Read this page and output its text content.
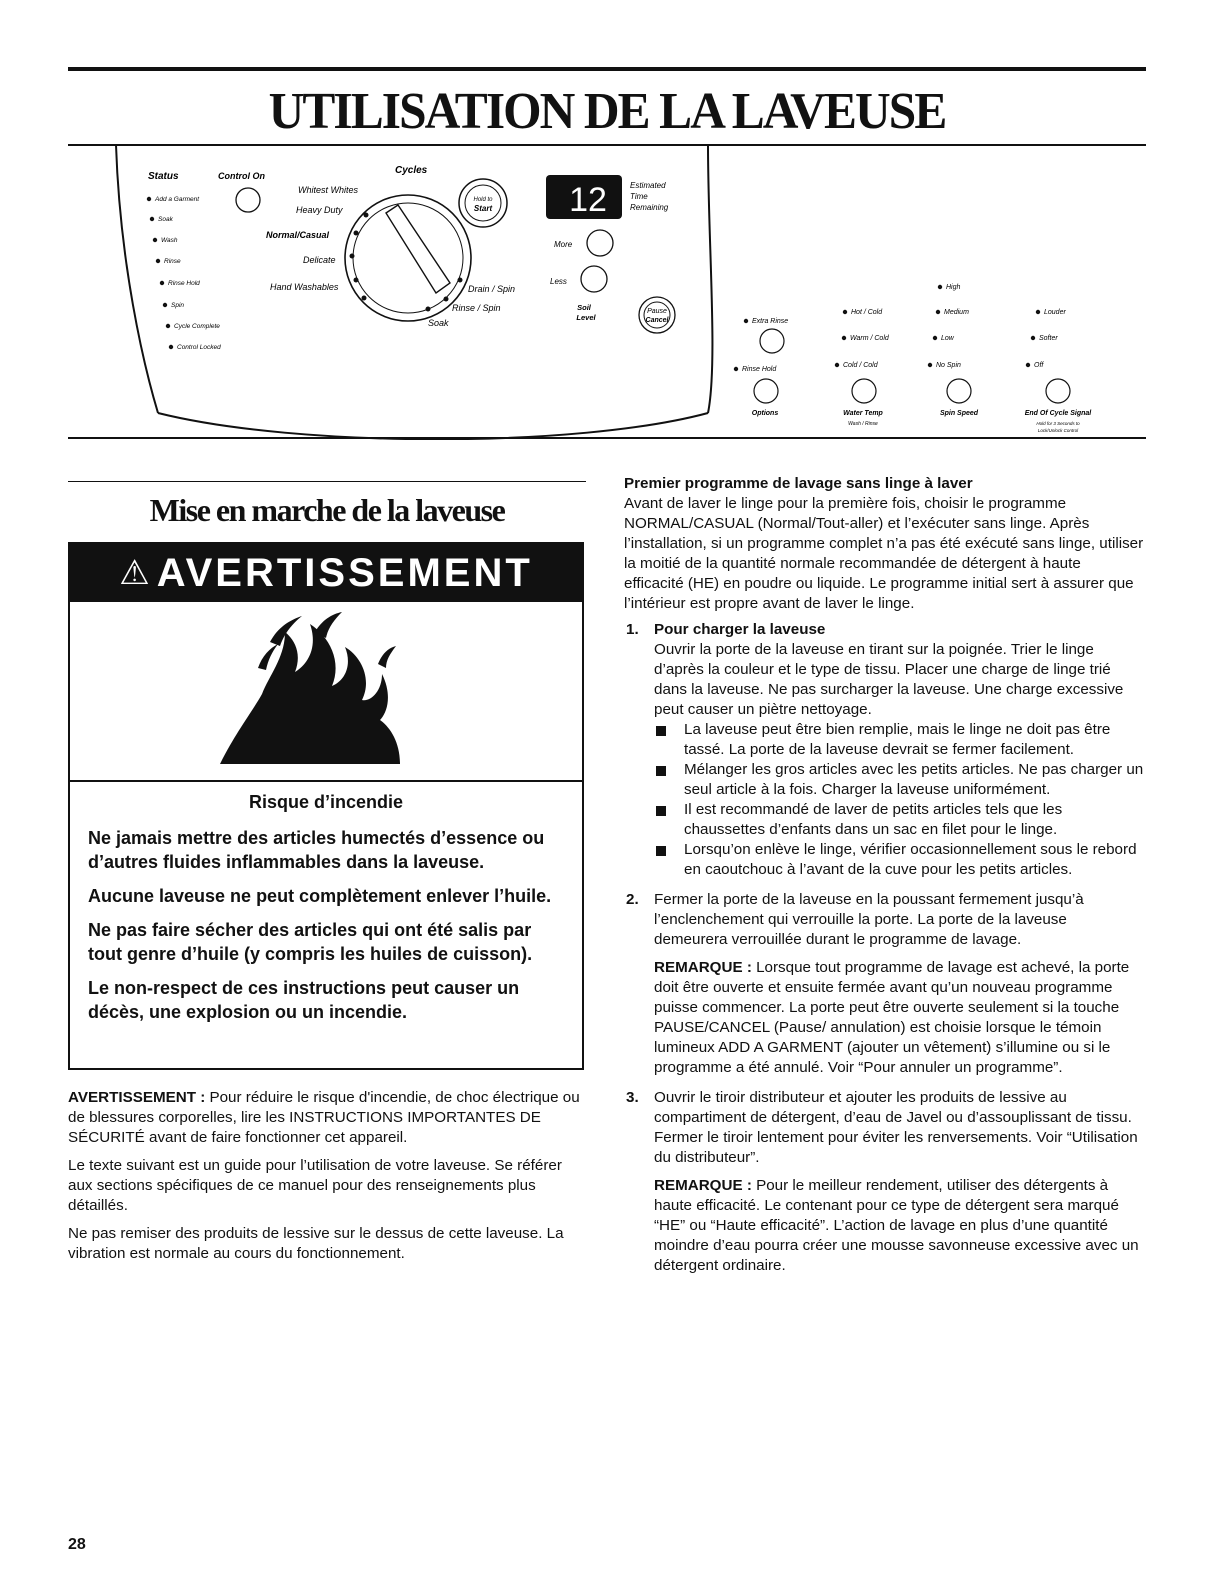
UTILISATION DE LA LAVEUSE
Status	Control On
Add a Garment
Soak
Wash
Rinse
Rinse Hold
Spin
Cycle Complete
Control Locked
Cycles
Whitest Whites
Heavy Duty
Normal/Casual
Delicate
Hand Washables	Drain / Spin
Rinse / Spin
Soak
Hold to
Start 12	Estimated
Time
Remaining
More
Less
Soil
Level
Pause
Cancel	Extra Rinse
Rinse Hold
Options
Hot / Cold
Warm / Cold
Cold / Cold
Water Temp
Wash / Rinse
High
Medium
Low
No Spin
Spin Speed
Louder
Softer
Off
End Of Cycle Signal
Hold for 3 Seconds to
Lock/Unlock Control
Mise en marche de la laveuse
⚠ AVERTISSEMENT

Risque d’incendie

Ne jamais mettre des articles humectés d’essence ou d’autres fluides inflammables dans la laveuse.

Aucune laveuse ne peut complètement enlever l’huile.

Ne pas faire sécher des articles qui ont été salis par tout genre d’huile (y compris les huiles de cuisson).

Le non-respect de ces instructions peut causer un décès, une explosion ou un incendie.

AVERTISSEMENT : Pour réduire le risque d'incendie, de choc électrique ou de blessures corporelles, lire les INSTRUCTIONS IMPORTANTES DE SÉCURITÉ avant de faire fonctionner cet appareil.

Le texte suivant est un guide pour l’utilisation de votre laveuse. Se référer aux sections spécifiques de ce manuel pour des renseignements plus détaillés.

Ne pas remiser des produits de lessive sur le dessus de cette laveuse. La vibration est normale au cours du fonctionnement.

Premier programme de lavage sans linge à laver

Avant de laver le linge pour la première fois, choisir le programme NORMAL/CASUAL (Normal/Tout-aller) et l’exécuter sans linge. Après l’installation, si un programme complet n’a pas été exécuté sans linge, utiliser la moitié de la quantité normale recommandée de détergent à haute efficacité (HE) en poudre ou liquide. Le programme initial sert à assurer que l’intérieur est propre avant de laver le linge.

1. Pour charger la laveuse

Ouvrir la porte de la laveuse en tirant sur la poignée. Trier le linge d’après la couleur et le type de tissu. Placer une charge de linge trié dans la laveuse. Ne pas surcharger la laveuse. Une charge excessive peut causer un piètre nettoyage.

La laveuse peut être bien remplie, mais le linge ne doit pas être tassé. La porte de la laveuse devrait se fermer facilement.

Mélanger les gros articles avec les petits articles. Ne pas charger un seul article à la fois. Charger la laveuse uniformément.

Il est recommandé de laver de petits articles tels que les chaussettes d’enfants dans un sac en filet pour le linge.

Lorsqu’on enlève le linge, vérifier occasionnellement sous le rebord en caoutchouc à l’avant de la cuve pour les petits articles.

2. Fermer la porte de la laveuse en la poussant fermement jusqu’à l’enclenchement qui verrouille la porte. La porte de la laveuse demeurera verrouillée durant le programme de lavage.

REMARQUE : Lorsque tout programme de lavage est achevé, la porte doit être ouverte et ensuite fermée avant qu’un nouveau programme puisse commencer. La porte peut être ouverte seulement si la touche PAUSE/CANCEL (Pause/ annulation) est choisie lorsque le témoin lumineux ADD A GARMENT (ajouter un vêtement) s’illumine ou si le programme a été annulé. Voir “Pour annuler un programme”.

3. Ouvrir le tiroir distributeur et ajouter les produits de lessive au compartiment de détergent, d’eau de Javel ou d’assouplissant de tissu. Fermer le tiroir lentement pour éviter les renversements. Voir “Utilisation du distributeur”.

REMARQUE : Pour le meilleur rendement, utiliser des détergents à haute efficacité. Le contenant pour ce type de détergent sera marqué “HE” ou “Haute efficacité”. L’action de lavage en plus d’une quantité moindre d’eau pourra créer une mousse savonneuse excessive avec un détergent ordinaire.

28
